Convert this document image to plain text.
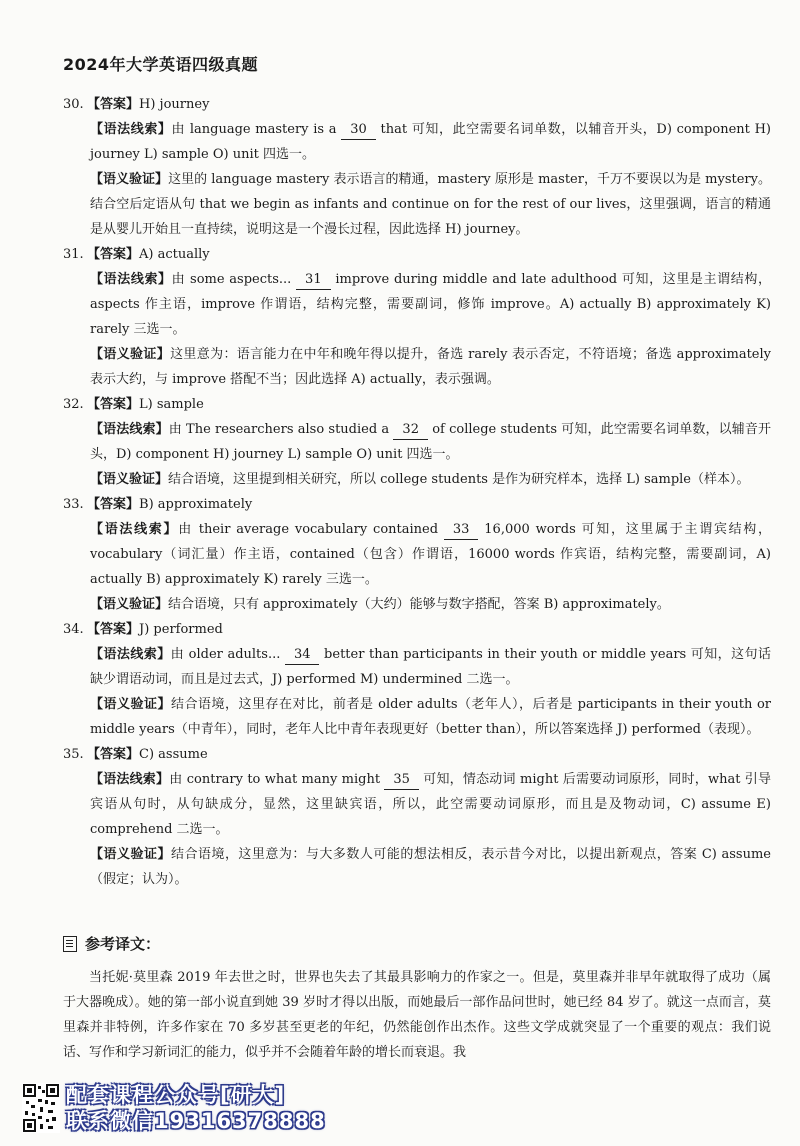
2024年大学英语四级真题
30. 【答案】 H) journey
【语法线索】由 language mastery is a 30 that 可知，此空需要名词单数，以辅音开头，D) component H) journey L) sample O) unit 四选一。
【语义验证】这里的 language mastery 表示语言的精通，mastery 原形是 master，千万不要误以为是 mystery。结合空后定语从句 that we begin as infants and continue on for the rest of our lives，这里强调，语言的精通是从婴儿开始且一直持续，说明这是一个漫长过程，因此选择 H) journey。
31. 【答案】 A) actually
【语法线索】由 some aspects... 31 improve during middle and late adulthood 可知，这里是主谓结构，aspects 作主语，improve 作谓语，结构完整，需要副词，修饰 improve。A) actually B) approximately K) rarely 三选一。
【语义验证】这里意为：语言能力在中年和晚年得以提升，备选 rarely 表示否定，不符语境；备选 approximately 表示大约，与 improve 搭配不当；因此选择 A) actually，表示强调。
32. 【答案】 L) sample
【语法线索】由 The researchers also studied a 32 of college students 可知，此空需要名词单数，以辅音开头，D) component H) journey L) sample O) unit 四选一。
【语义验证】结合语境，这里提到相关研究，所以 college students 是作为研究样本，选择 L) sample（样本）。
33. 【答案】 B) approximately
【语法线索】由 their average vocabulary contained 33 16,000 words 可知，这里属于主谓宾结构，vocabulary（词汇量）作主语，contained（包含）作谓语，16000 words 作宾语，结构完整，需要副词，A) actually B) approximately K) rarely 三选一。
【语义验证】结合语境，只有 approximately（大约）能够与数字搭配，答案 B) approximately。
34. 【答案】 J) performed
【语法线索】由 older adults... 34 better than participants in their youth or middle years 可知，这句话缺少谓语动词，而且是过去式，J) performed M) undermined 二选一。
【语义验证】结合语境，这里存在对比，前者是 older adults（老年人），后者是 participants in their youth or middle years（中青年），同时，老年人比中青年表现更好（better than），所以答案选择 J) performed（表现）。
35. 【答案】 C) assume
【语法线索】由 contrary to what many might 35 可知，情态动词 might 后需要动词原形，同时，what 引导宾语从句时，从句缺成分，显然，这里缺宾语，所以，此空需要动词原形，而且是及物动词，C) assume E) comprehend 二选一。
【语义验证】结合语境，这里意为：与大多数人可能的想法相反，表示昔今对比，以提出新观点，答案 C) assume（假定；认为）。
参考译文：
当托妮·莫里森 2019 年去世之时，世界也失去了其最具影响力的作家之一。但是，莫里森并非早年就取得了成功（属于大器晚成）。她的第一部小说直到她 39 岁时才得以出版，而她最后一部作品问世时，她已经 84 岁了。就这一点而言，莫里森并非特例，许多作家在 70 多岁甚至更老的年纪，仍然能创作出杰作。这些文学成就突显了一个重要的观点：我们说话、写作和学习新词汇的能力，似乎并不会随着年龄的增长而衰退。我
配套课程公众号[研大]
联系微信19316378888
